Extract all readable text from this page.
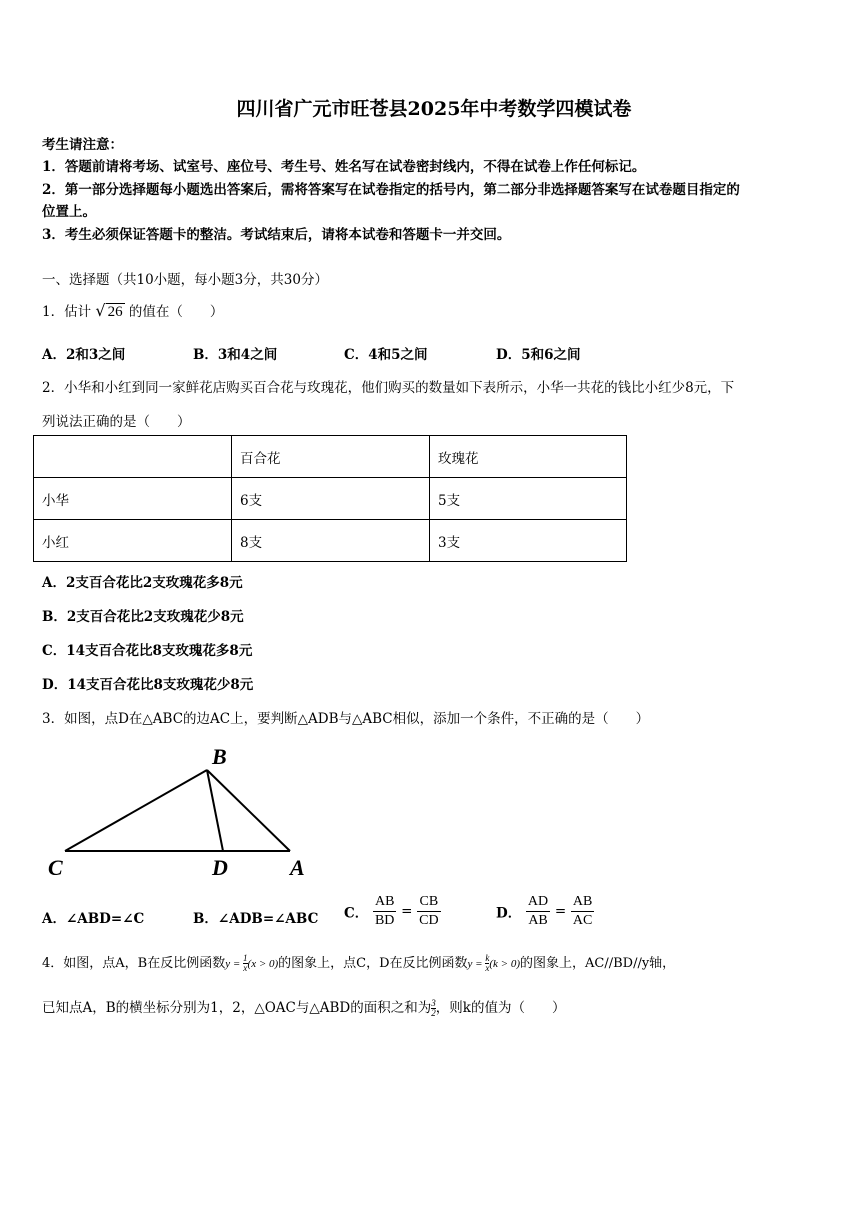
四川省广元市旺苍县2025年中考数学四模试卷
考生请注意：
1．答题前请将考场、试室号、座位号、考生号、姓名写在试卷密封线内，不得在试卷上作任何标记。
2．第一部分选择题每小题选出答案后，需将答案写在试卷指定的括号内，第二部分非选择题答案写在试卷题目指定的
位置上。
3．考生必须保证答题卡的整洁。考试结束后，请将本试卷和答题卡一并交回。
一、选择题（共10小题，每小题3分，共30分）
1．估计 √ 26 的值在（　　）
A．2和3之间	B．3和4之间	C．4和5之间	D．5和6之间
2．小华和小红到同一家鲜花店购买百合花与玫瑰花，他们购买的数量如下表所示，小华一共花的钱比小红少8元，下
列说法正确的是（　　）
	百合花	玫瑰花
小华	6支	5支
小红	8支	3支
A．2支百合花比2支玫瑰花多8元
B．2支百合花比2支玫瑰花少8元
C．14支百合花比8支玫瑰花多8元
D．14支百合花比8支玫瑰花少8元
3．如图，点D在△ABC的边AC上，要判断△ADB与△ABC相似，添加一个条件，不正确的是（　　）
B
C	D	A
A．∠ABD=∠C	B．∠ADB=∠ABC C． $\frac{AB}{BD} = \frac{CB}{CD}$	D． $\frac{AD}{AB} = \frac{AB}{AC}$
4．如图，点A，B在反比例函数$y = \frac{1}{x}(x > 0)$的图象上，点C，D在反比例函数$y = \frac{k}{x}(k > 0)$的图象上，AC//BD//y轴，
已知点A，B的横坐标分别为1，2，△OAC与△ABD的面积之和为 $\frac{3}{2}$，则k的值为（　　）
